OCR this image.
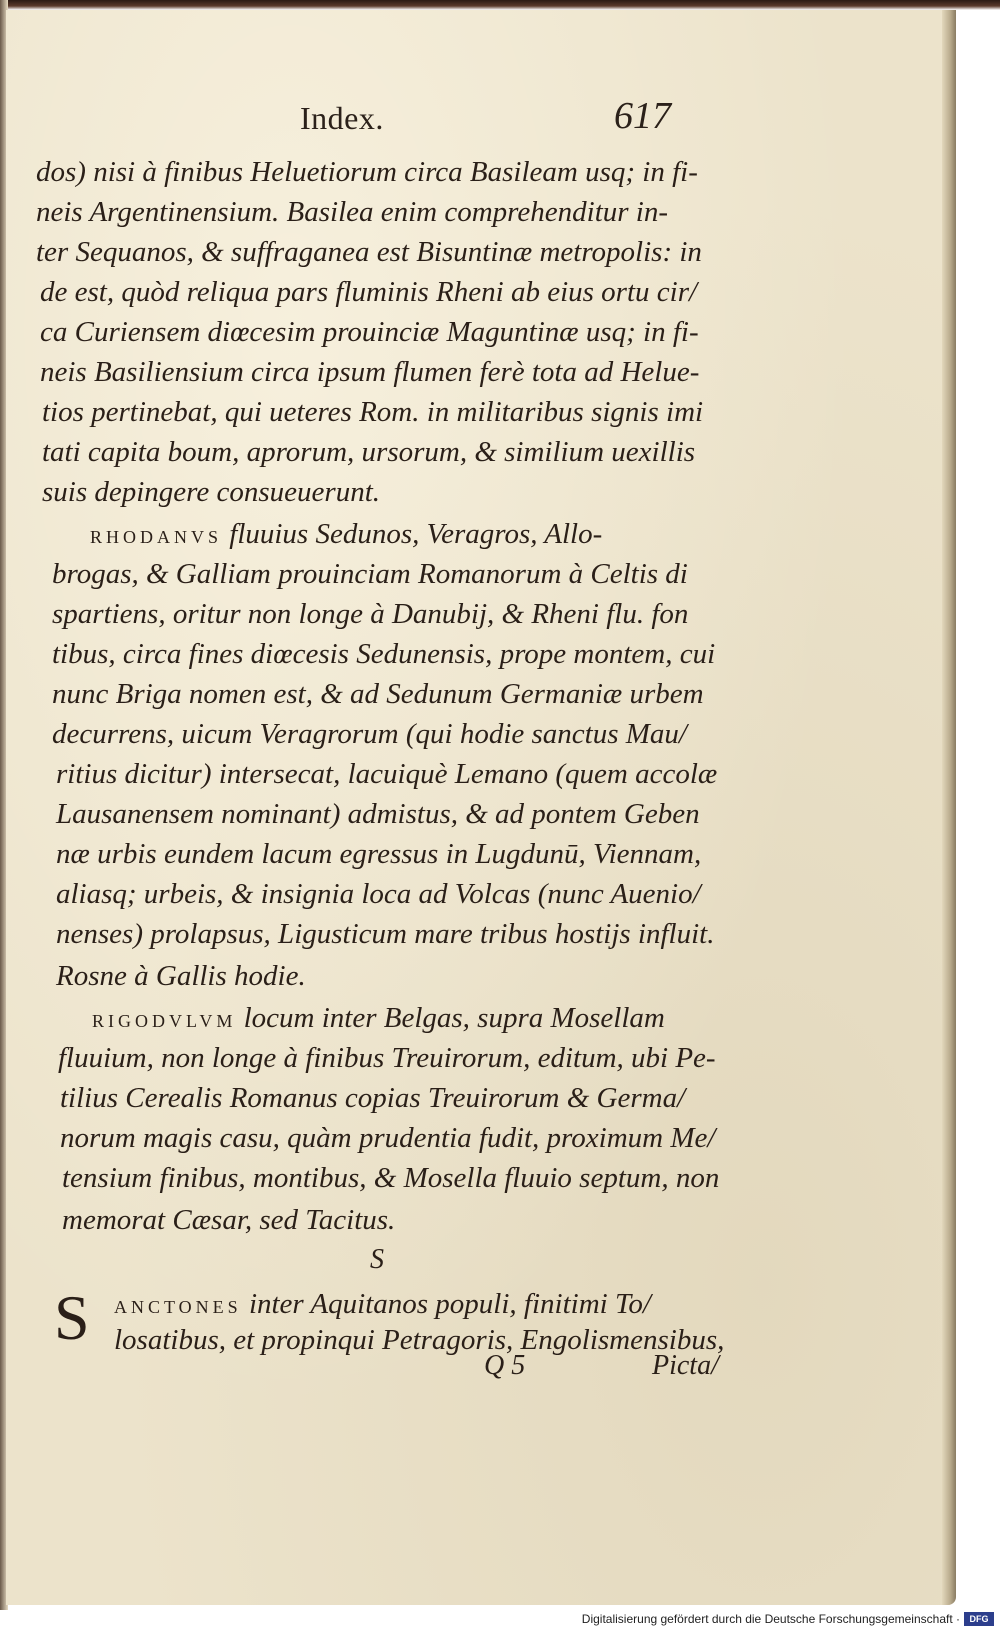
Index.	617
dos) nisi à finibus Heluetiorum circa Basileam usq; in fi-
neis Argentinensium. Basilea enim comprehenditur in-
ter Sequanos, & suffraganea est Bisuntinæ metropolis: in
de est, quòd reliqua pars fluminis Rheni ab eius ortu cir/
ca Curiensem diœcesim prouinciæ Maguntinæ usq; in fi-
neis Basiliensium circa ipsum flumen ferè tota ad Helue-
tios pertinebat, qui ueteres Rom. in militaribus signis imi
tati capita boum, aprorum, ursorum, & similium uexillis
suis depingere consueuerunt.
RHODANVS fluuius Sedunos, Veragros, Allo-
brogas, & Galliam prouinciam Romanorum à Celtis di
spartiens, oritur non longe à Danubij, & Rheni flu. fon
tibus, circa fines diœcesis Sedunensis, prope montem, cui
nunc Briga nomen est, & ad Sedunum Germaniæ urbem
decurrens, uicum Veragrorum (qui hodie sanctus Mau/
ritius dicitur) intersecat, lacuiquè Lemano (quem accolæ
Lausanensem nominant) admistus, & ad pontem Geben
næ urbis eundem lacum egressus in Lugdunū, Viennam,
aliasq; urbeis, & insignia loca ad Volcas (nunc Auenio/
nenses) prolapsus, Ligusticum mare tribus hostijs influit.
Rosne à Gallis hodie.
RIGODVLVM locum inter Belgas, supra Mosellam
fluuium, non longe à finibus Treuirorum, editum, ubi Pe-
tilius Cerealis Romanus copias Treuirorum & Germa/
norum magis casu, quàm prudentia fudit, proximum Me/
tensium finibus, montibus, & Mosella fluuio septum, non
memorat Cæsar, sed Tacitus.
S
S ANCTONES inter Aquitanos populi, finitimi To/
losatibus, et propinqui Petragoris, Engolismensibus,
Q 5	Picta/
Digitalisierung gefördert durch die Deutsche Forschungsgemeinschaft ·	DFG
